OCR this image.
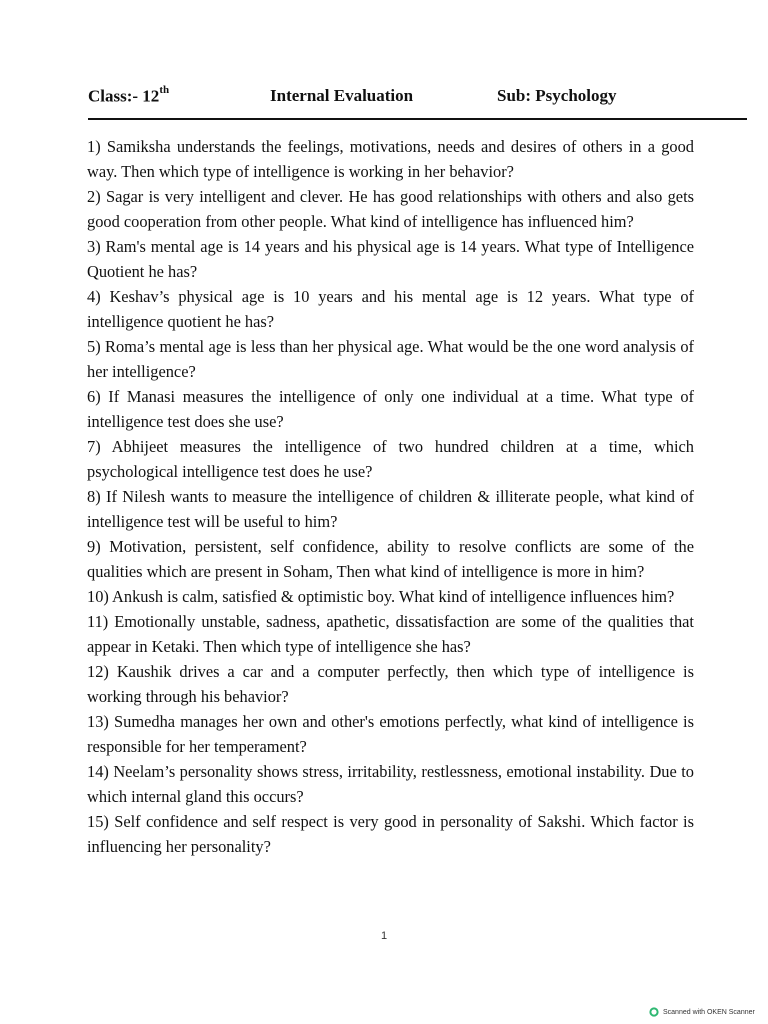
Class:- 12th	Internal Evaluation	Sub: Psychology
1) Samiksha understands the feelings, motivations, needs and desires of others in a good way. Then which type of intelligence is working in her behavior?
2) Sagar is very intelligent and clever. He has good relationships with others and also gets good cooperation from other people. What kind of intelligence has influenced him?
3) Ram's mental age is 14 years and his physical age is 14 years. What type of Intelligence Quotient he has?
4) Keshav’s physical age is 10 years and his mental age is 12 years. What type of intelligence quotient he has?
5) Roma’s mental age is less than her physical age. What would be the one word analysis of her intelligence?
6) If Manasi measures the intelligence of only one individual at a time. What type of intelligence test does she use?
7) Abhijeet measures the intelligence of two hundred children at a time, which psychological intelligence test does he use?
8) If Nilesh wants to measure the intelligence of children & illiterate people, what kind of intelligence test will be useful to him?
9) Motivation, persistent, self confidence, ability to resolve conflicts are some of the qualities which are present in Soham, Then what kind of intelligence is more in him?
10) Ankush is calm, satisfied & optimistic boy. What kind of intelligence influences him?
11) Emotionally unstable, sadness, apathetic, dissatisfaction are some of the qualities that appear in Ketaki. Then which type of intelligence she has?
12) Kaushik drives a car and a computer perfectly, then which type of intelligence is working through his behavior?
13) Sumedha manages her own and other's emotions perfectly, what kind of intelligence is responsible for her temperament?
14) Neelam’s personality shows stress, irritability, restlessness, emotional instability. Due to which internal gland this occurs?
15) Self confidence and self respect is very good in personality of Sakshi. Which factor is influencing her personality?
1
Scanned with OKEN Scanner
